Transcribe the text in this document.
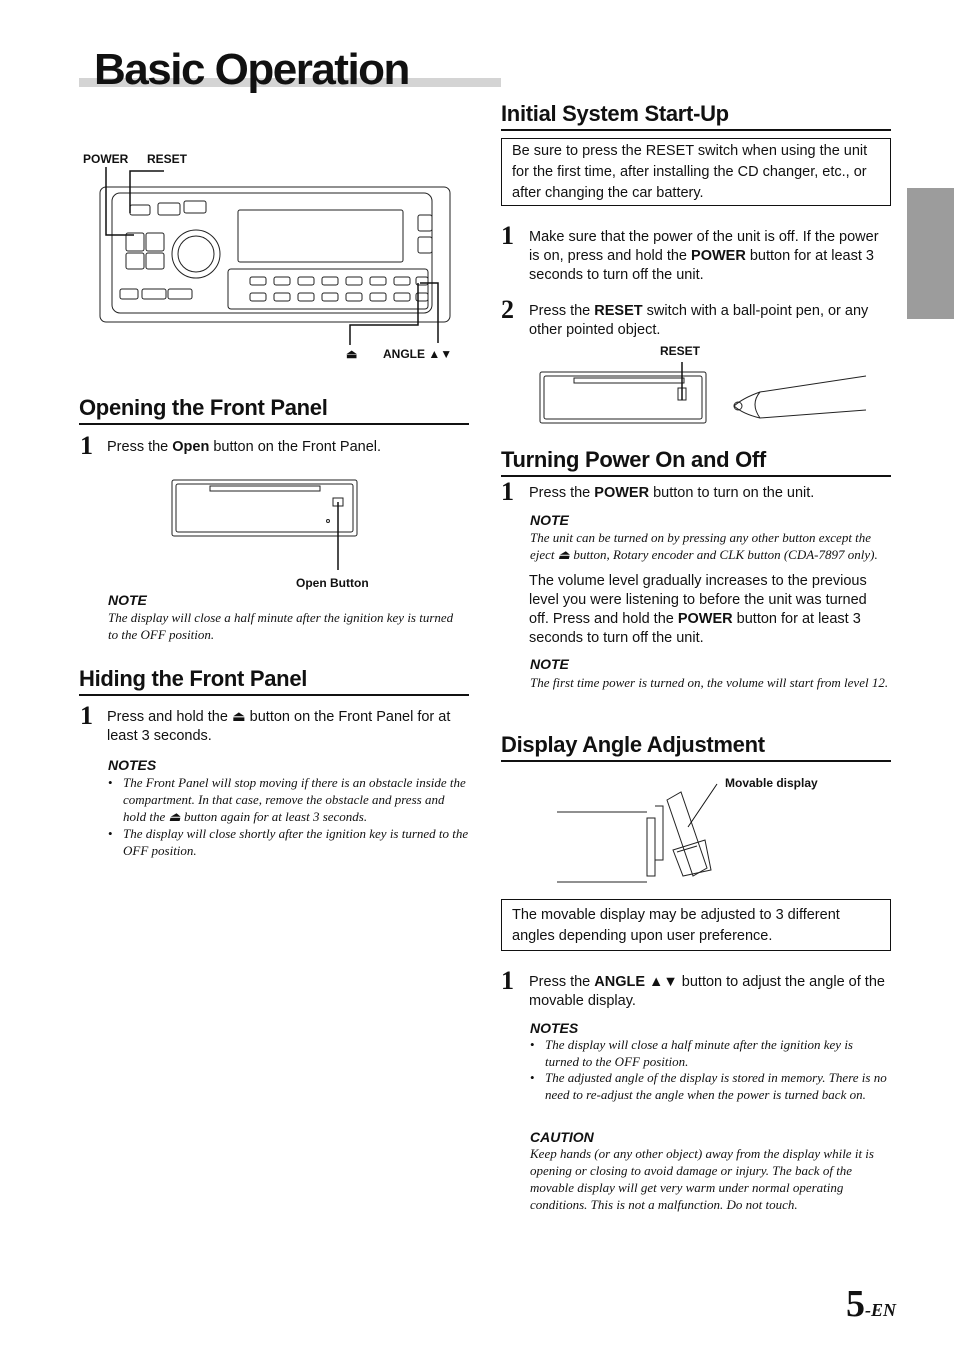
Basic Operation
POWER RESET
⏏ ANGLE ▲▼
Opening the Front Panel
1 Press the Open button on the Front Panel.
Open Button
NOTE
The display will close a half minute after the ignition key is turned to the OFF position.
Hiding the Front Panel
1 Press and hold the ⏏ button on the Front Panel for at least 3 seconds.
NOTES
• The Front Panel will stop moving if there is an obstacle inside the compartment. In that case, remove the obstacle and press and hold the ⏏ button again for at least 3 seconds.
• The display will close shortly after the ignition key is turned to the OFF position.
Initial System Start-Up
Be sure to press the RESET switch when using the unit for the first time, after installing the CD changer, etc., or after changing the car battery.
1 Make sure that the power of the unit is off. If the power is on, press and hold the POWER button for at least 3 seconds to turn off the unit.
2 Press the RESET switch with a ball-point pen, or any other pointed object.
RESET
Turning Power On and Off
1 Press the POWER button to turn on the unit.
NOTE
The unit can be turned on by pressing any other button except the eject ⏏ button, Rotary encoder and CLK button (CDA-7897 only).
The volume level gradually increases to the previous level you were listening to before the unit was turned off. Press and hold the POWER button for at least 3 seconds to turn off the unit.
NOTE
The first time power is turned on, the volume will start from level 12.
Display Angle Adjustment
Movable display
The movable display may be adjusted to 3 different angles depending upon user preference.
1 Press the ANGLE ▲▼ button to adjust the angle of the movable display.
NOTES
• The display will close a half minute after the ignition key is turned to the OFF position.
• The adjusted angle of the display is stored in memory. There is no need to re-adjust the angle when the power is turned back on.
CAUTION
Keep hands (or any other object) away from the display while it is opening or closing to avoid damage or injury. The back of the movable display will get very warm under normal operating conditions. This is not a malfunction. Do not touch.
5-EN
